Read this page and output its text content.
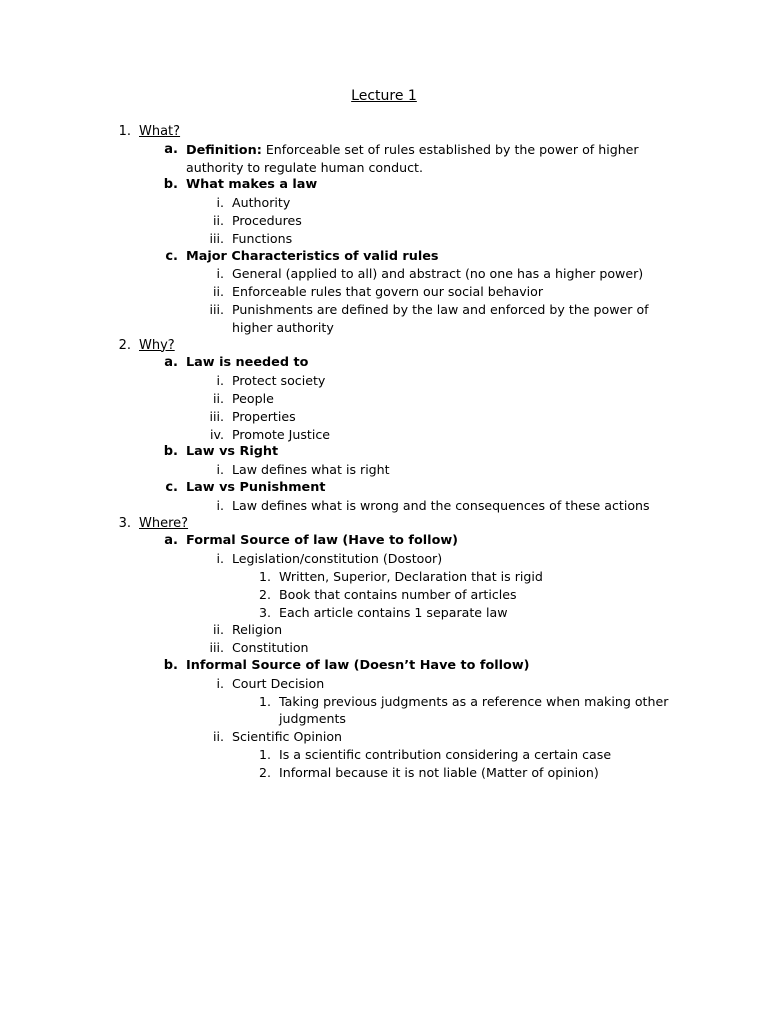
Lecture 1
1. What?
a. Definition: Enforceable set of rules established by the power of higher
authority to regulate human conduct.
b. What makes a law
i. Authority
ii. Procedures
iii. Functions
c. Major Characteristics of valid rules
i. General (applied to all) and abstract (no one has a higher power)
ii. Enforceable rules that govern our social behavior
iii. Punishments are defined by the law and enforced by the power of
higher authority
2. Why?
a. Law is needed to
i. Protect society
ii. People
iii. Properties
iv. Promote Justice
b. Law vs Right
i. Law defines what is right
c. Law vs Punishment
i. Law defines what is wrong and the consequences of these actions
3. Where?
a. Formal Source of law (Have to follow)
i. Legislation/constitution (Dostoor)
1. Written, Superior, Declaration that is rigid
2. Book that contains number of articles
3. Each article contains 1 separate law
ii. Religion
iii. Constitution
b. Informal Source of law (Doesn’t Have to follow)
i. Court Decision
1. Taking previous judgments as a reference when making other
judgments
ii. Scientific Opinion
1. Is a scientific contribution considering a certain case
2. Informal because it is not liable (Matter of opinion)
